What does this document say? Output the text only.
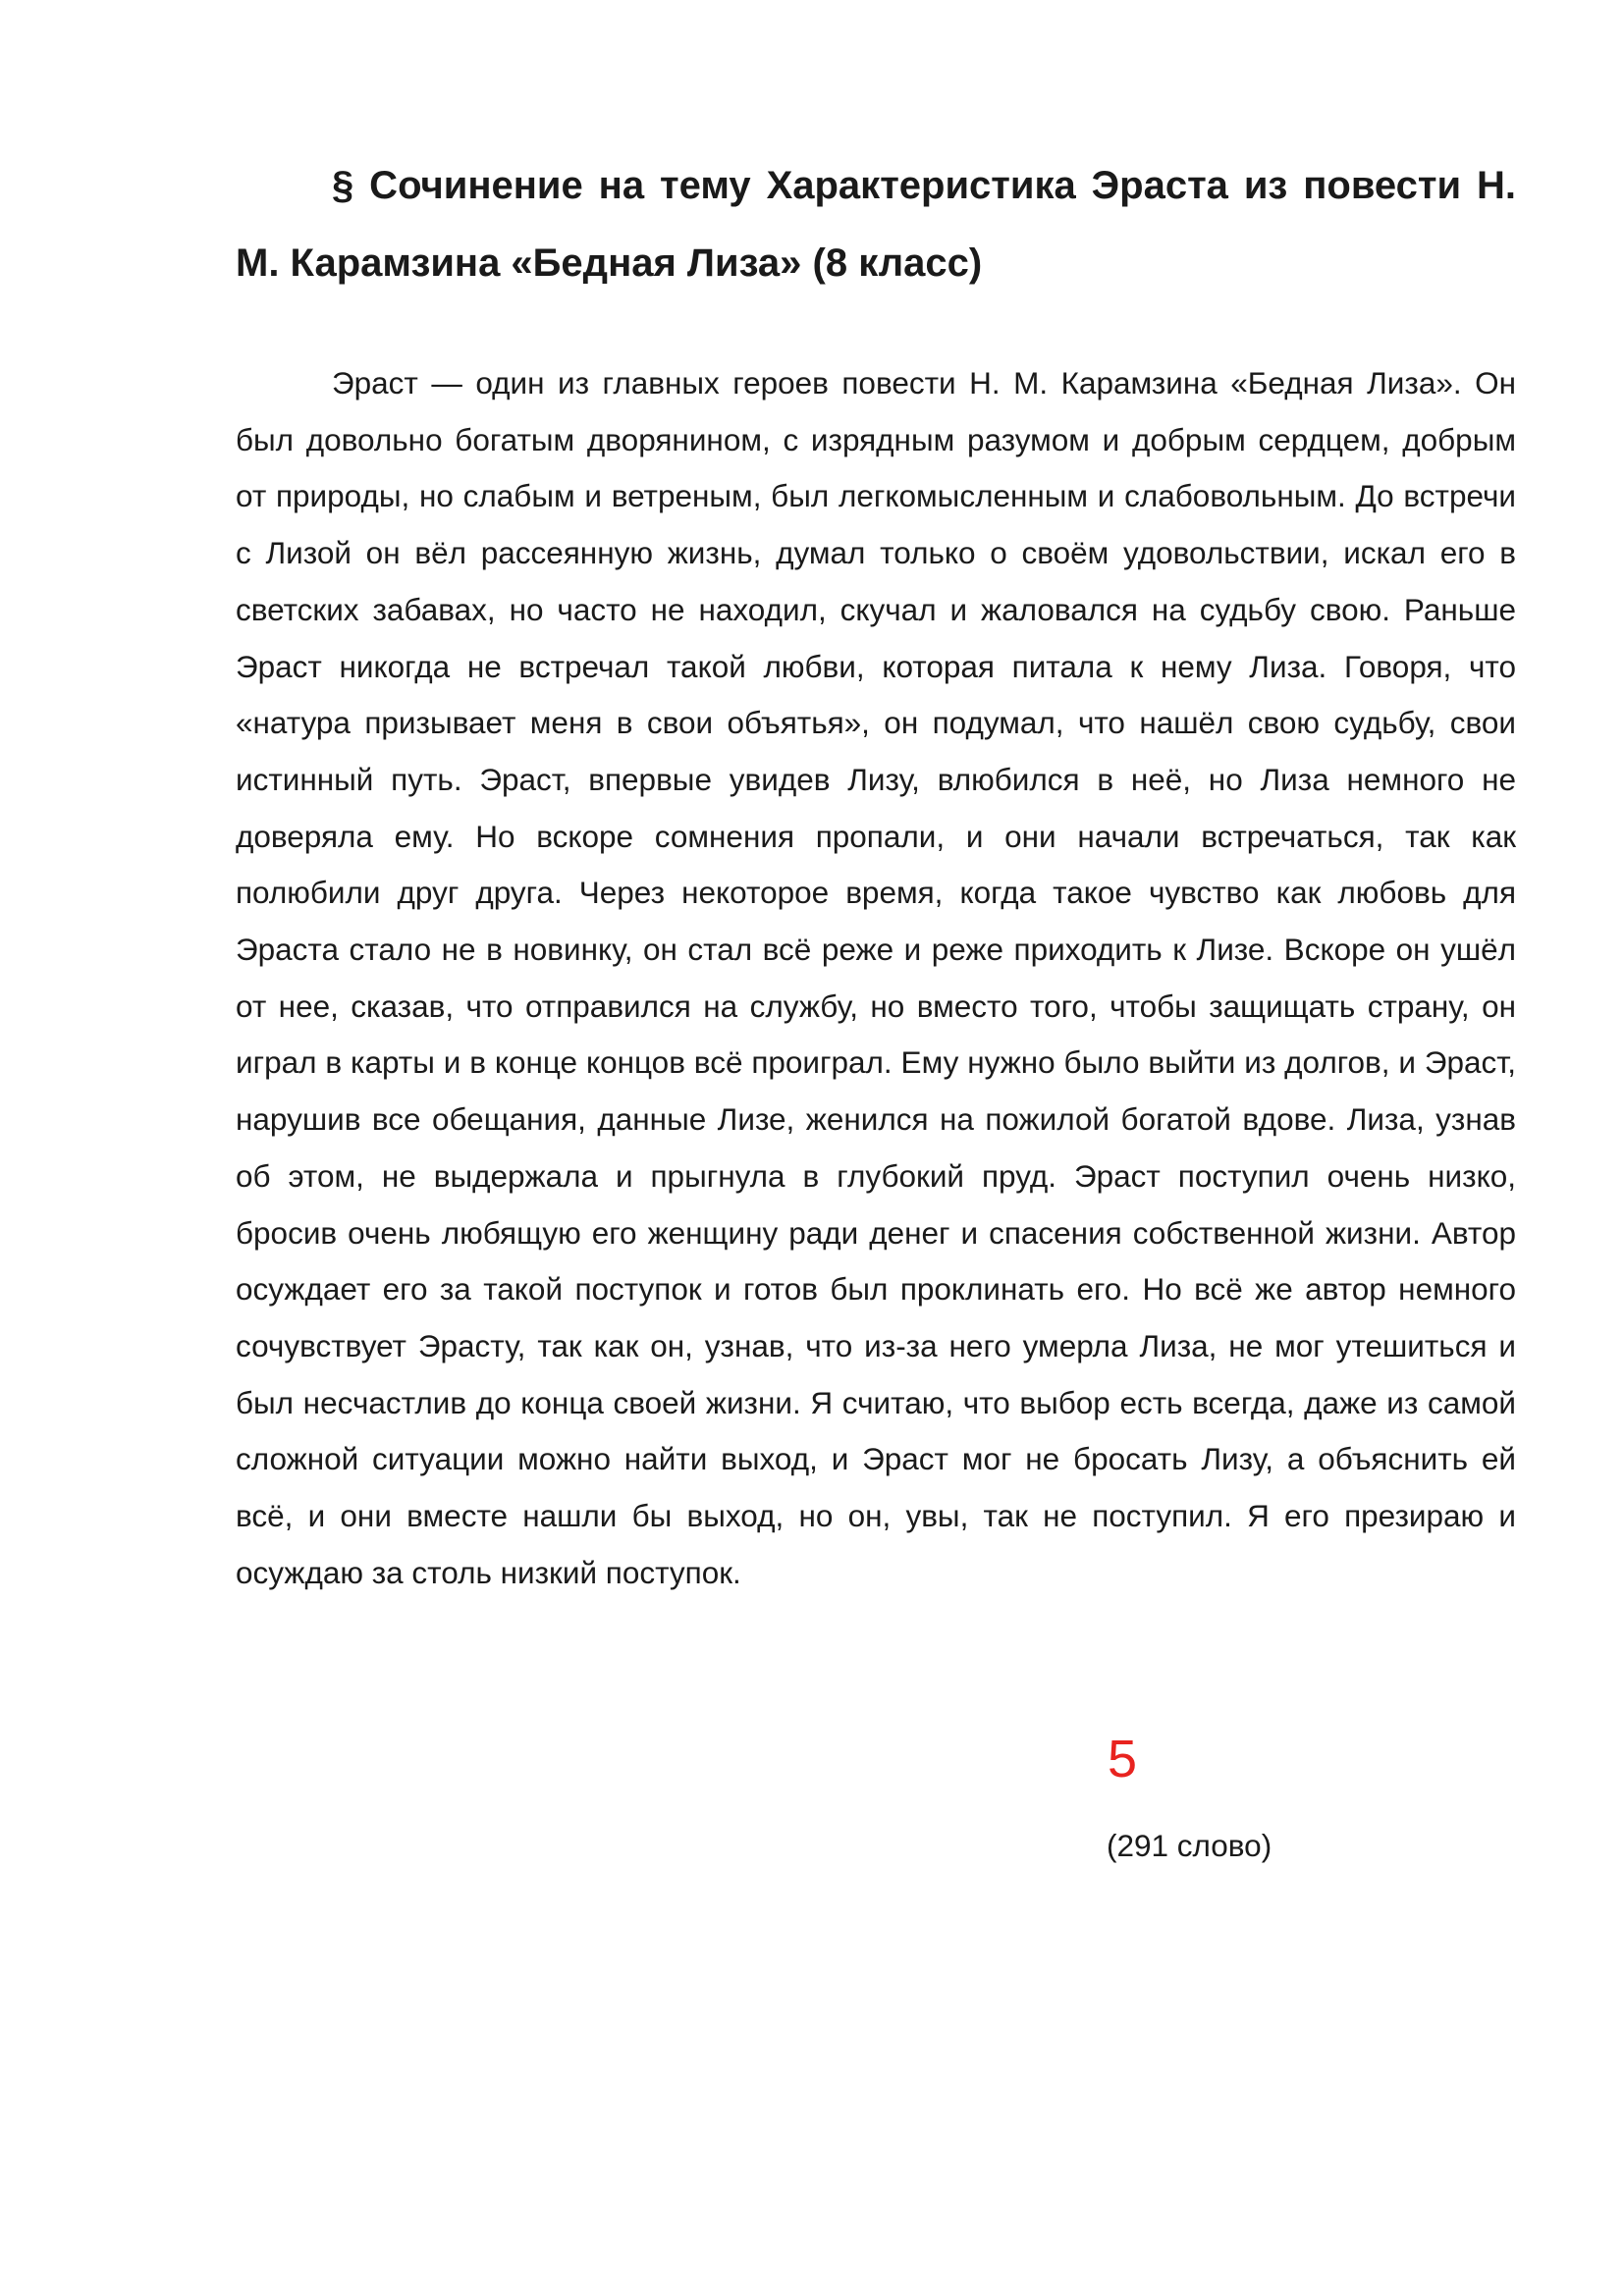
§ Сочинение на тему Характеристика Эраста из повести Н. М. Карамзина «Бедная Лиза» (8 класс)

Эраст — один из главных героев повести Н. М. Карамзина «Бедная Лиза». Он был довольно богатым дворянином, с изрядным разумом и добрым сердцем, добрым от природы, но слабым и ветреным, был легкомысленным и слабовольным. До встречи с Лизой он вёл рассеянную жизнь, думал только о своём удовольствии, искал его в светских забавах, но часто не находил, скучал и жаловался на судьбу свою. Раньше Эраст никогда не встречал такой любви, которая питала к нему Лиза. Говоря, что «натура призывает меня в свои объятья», он подумал, что нашёл свою судьбу, свои истинный путь. Эраст, впервые увидев Лизу, влюбился в неё, но Лиза немного не доверяла ему. Но вскоре сомнения пропали, и они начали встречаться, так как полюбили друг друга. Через некоторое время, когда такое чувство как любовь для Эраста стало не в новинку, он стал всё реже и реже приходить к Лизе. Вскоре он ушёл от нее, сказав, что отправился на службу, но вместо того, чтобы защищать страну, он играл в карты и в конце концов всё проиграл. Ему нужно было выйти из долгов, и Эраст, нарушив все обещания, данные Лизе, женился на пожилой богатой вдове. Лиза, узнав об этом, не выдержала и прыгнула в глубокий пруд. Эраст поступил очень низко, бросив очень любящую его женщину ради денег и спасения собственной жизни. Автор осуждает его за такой поступок и готов был проклинать его. Но всё же автор немного сочувствует Эрасту, так как он, узнав, что из-за него умерла Лиза, не мог утешиться и был несчастлив до конца своей жизни. Я считаю, что выбор есть всегда, даже из самой сложной ситуации можно найти выход, и Эраст мог не бросать Лизу, а объяснить ей всё, и они вместе нашли бы выход, но он, увы, так не поступил. Я его презираю и осуждаю за столь низкий поступок.

5
(291 слово)
